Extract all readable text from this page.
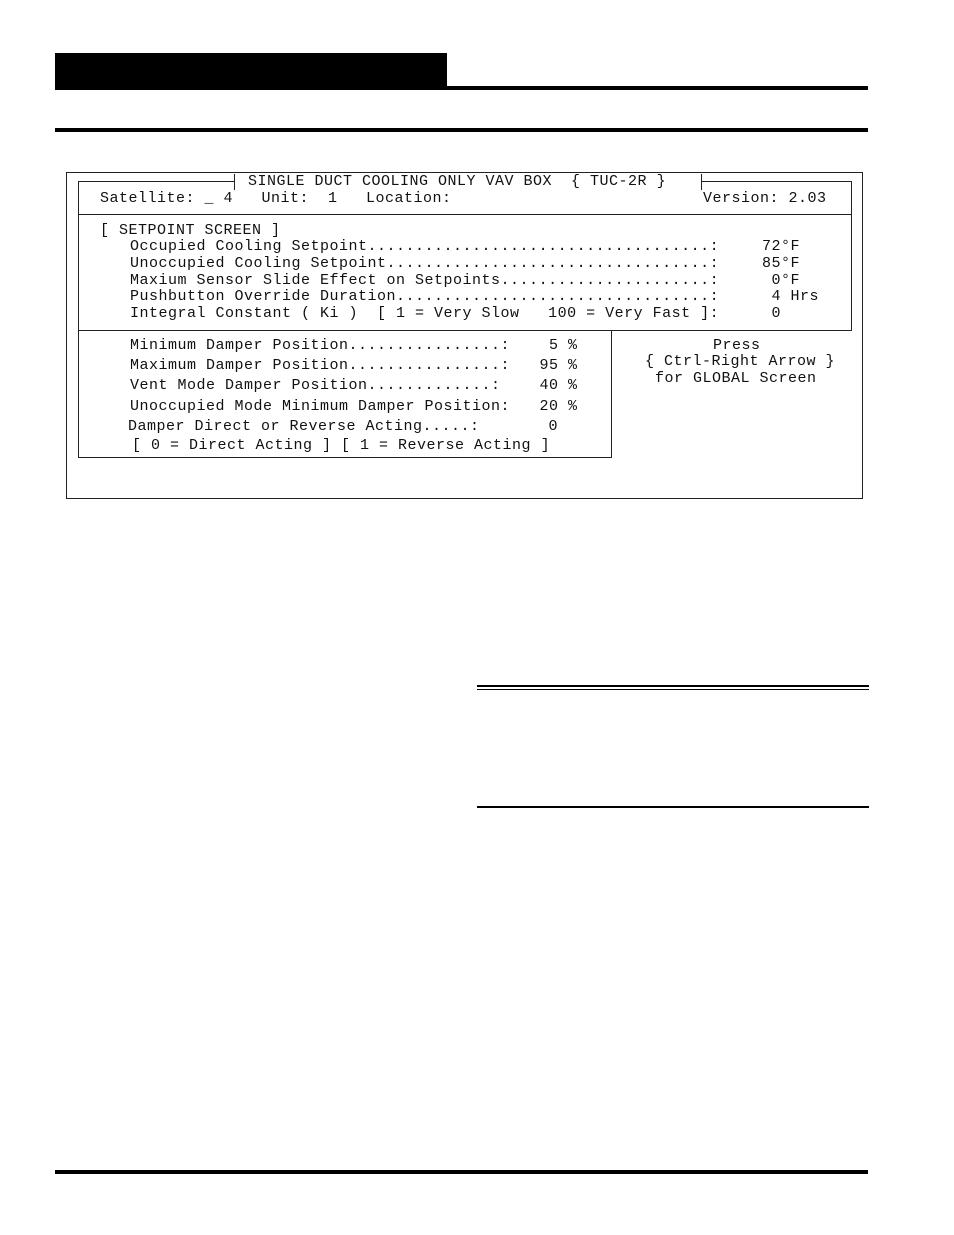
SINGLE DUCT COOLING ONLY VAV BOX  { TUC-2R }
Satellite: _ 4   Unit:  1   Location:	Version: 2.03
[ SETPOINT SCREEN ]
Occupied Cooling Setpoint....................................:	72°F
Unoccupied Cooling Setpoint..................................:	85°F
Maxium Sensor Slide Effect on Setpoints......................:	0°F
Pushbutton Override Duration.................................:	4 Hrs
Integral Constant ( Ki )  [ 1 = Very Slow   100 = Very Fast ]:	0
Minimum Damper Position................: 5 %
Maximum Damper Position................: 95 %
Vent Mode Damper Position.............: 40 %
Unoccupied Mode Minimum Damper Position: 20 %
Damper Direct or Reverse Acting.....:	0
[ 0 = Direct Acting ] [ 1 = Reverse Acting ]
Press
{ Ctrl-Right Arrow }
for GLOBAL Screen
